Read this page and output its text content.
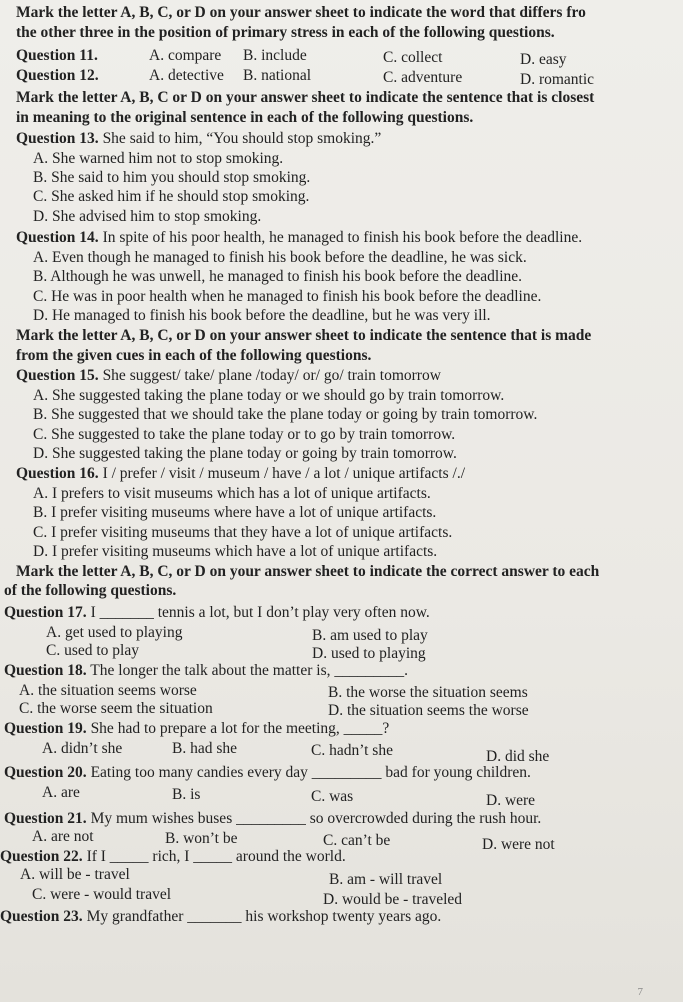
Mark the letter A, B, C, or D on your answer sheet to indicate the word that differs fro
the other three in the position of primary stress in each of the following questions.
Question 11.	A. compare B. include	C. collect	D. easy
Question 12.	A. detective B. national	C. adventure	D. romantic
Mark the letter A, B, C or D on your answer sheet to indicate the sentence that is closest
in meaning to the original sentence in each of the following questions.
Question 13. She said to him, “You should stop smoking.”
A. She warned him not to stop smoking.
B. She said to him you should stop smoking.
C. She asked him if he should stop smoking.
D. She advised him to stop smoking.
Question 14. In spite of his poor health, he managed to finish his book before the deadline.
A. Even though he managed to finish his book before the deadline, he was sick.
B. Although he was unwell, he managed to finish his book before the deadline.
C. He was in poor health when he managed to finish his book before the deadline.
D. He managed to finish his book before the deadline, but he was very ill.
Mark the letter A, B, C, or D on your answer sheet to indicate the sentence that is made
from the given cues in each of the following questions.
Question 15. She suggest/ take/ plane /today/ or/ go/ train tomorrow
A. She suggested taking the plane today or we should go by train tomorrow.
B. She suggested that we should take the plane today or going by train tomorrow.
C. She suggested to take the plane today or to go by train tomorrow.
D. She suggested taking the plane today or going by train tomorrow.
Question 16. I / prefer / visit / museum / have / a lot / unique artifacts /./
A. I prefers to visit museums which has a lot of unique artifacts.
B. I prefer visiting museums where have a lot of unique artifacts.
C. I prefer visiting museums that they have a lot of unique artifacts.
D. I prefer visiting museums which have a lot of unique artifacts.
Mark the letter A, B, C, or D on your answer sheet to indicate the correct answer to each
of the following questions.
Question 17. I _______ tennis a lot, but I don’t play very often now.
A. get used to playing	B. am used to play
C. used to play	D. used to playing
Question 18. The longer the talk about the matter is, _________.
A. the situation seems worse	B. the worse the situation seems
C. the worse seem the situation	D. the situation seems the worse
Question 19. She had to prepare a lot for the meeting, _____?
A. didn’t she	B. had she	C. hadn’t she	D. did she
Question 20. Eating too many candies every day _________ bad for young children.
A. are	B. is	C. was	D. were
Question 21. My mum wishes buses _________ so overcrowded during the rush hour.
A. are not	B. won’t be	C. can’t be	D. were not
Question 22. If I _____ rich, I _____ around the world.
A. will be - travel	B. am - will travel
C. were - would travel	D. would be - traveled
Question 23. My grandfather _______ his workshop twenty years ago.
7
